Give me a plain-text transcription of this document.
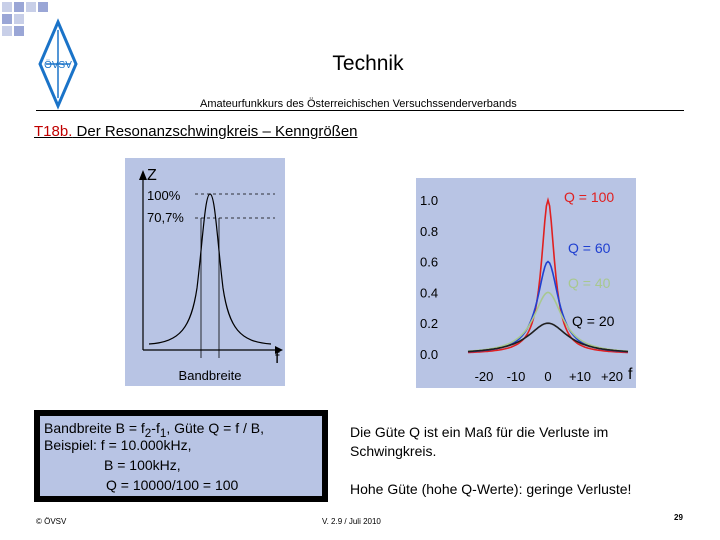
ÖVSV	Technik
Amateurfunkkurs des Österreichischen Versuchssenderverbands
T18b. Der Resonanzschwingkreis – Kenngrößen
Z
f
100%
70,7%
Bandbreite
0.0
0.2
0.4
0.6
0.8
1.0
-20 -10 0 +10 +20 f
Q = 100
Q = 60
Q = 40
Q = 20
Bandbreite $B = f_2-f_1$, Güte Q = f / B,
Beispiel: f = 10.000kHz,
B = 100kHz,
Q = 10000/100 = 100
Die Güte Q ist ein Maß für die Verluste im
Schwingkreis.
Hohe Güte (hohe Q-Werte): geringe Verluste!
© ÖVSV	V. 2.9 / Juli 2010	29
